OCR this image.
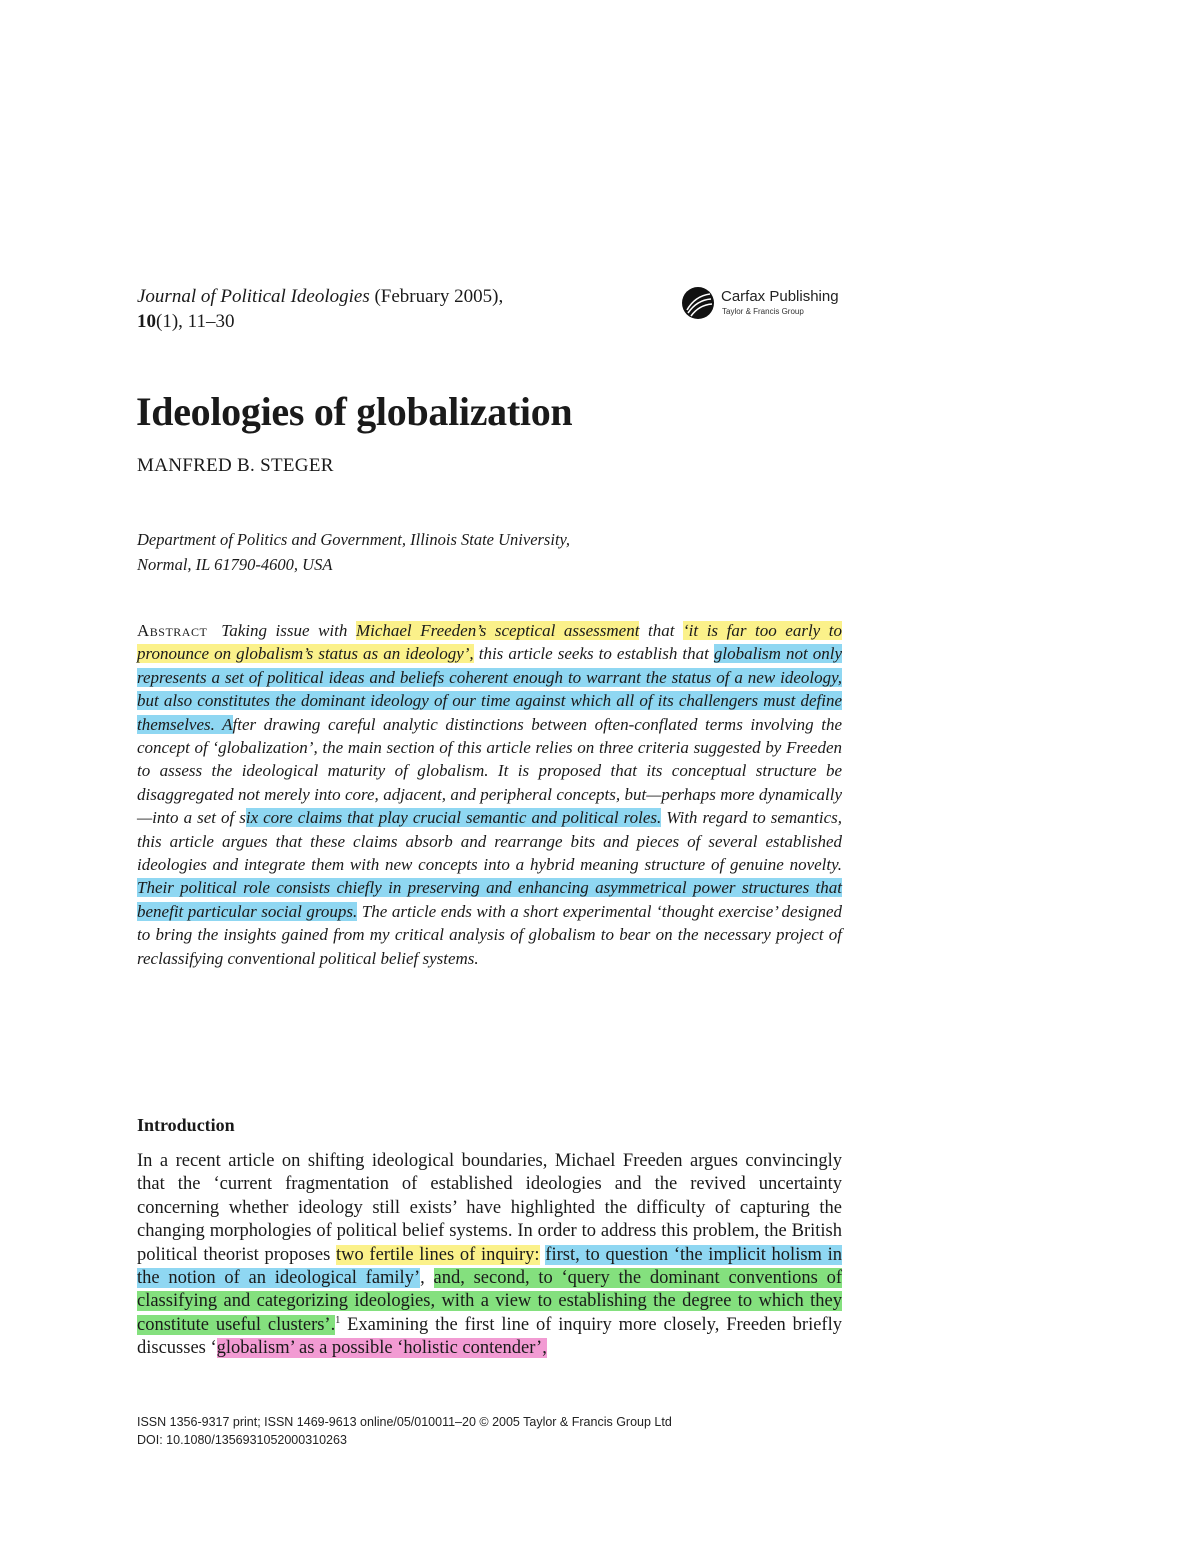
Journal of Political Ideologies (February 2005),
10(1), 11–30
Carfax Publishing
Taylor & Francis Group
Ideologies of globalization
MANFRED B. STEGER
Department of Politics and Government, Illinois State University,
Normal, IL 61790-4600, USA
Abstract Taking issue with Michael Freeden’s sceptical assessment that ‘it is far too early to pronounce on globalism’s status as an ideology’, this article seeks to establish that globalism not only represents a set of political ideas and beliefs coherent enough to warrant the status of a new ideology, but also constitutes the dominant ideology of our time against which all of its challengers must define themselves. After drawing careful analytic distinctions between often-conflated terms involving the concept of ‘globalization’, the main section of this article relies on three criteria suggested by Freeden to assess the ideological maturity of globalism. It is proposed that its conceptual structure be disaggregated not merely into core, adjacent, and peripheral concepts, but—perhaps more dynamically—into a set of six core claims that play crucial semantic and political roles. With regard to semantics, this article argues that these claims absorb and rearrange bits and pieces of several established ideologies and integrate them with new concepts into a hybrid meaning structure of genuine novelty. Their political role consists chiefly in preserving and enhancing asymmetrical power structures that benefit particular social groups. The article ends with a short experimental ‘thought exercise’ designed to bring the insights gained from my critical analysis of globalism to bear on the necessary project of reclassifying conventional political belief systems.
Introduction
In a recent article on shifting ideological boundaries, Michael Freeden argues convincingly that the ‘current fragmentation of established ideologies and the revived uncertainty concerning whether ideology still exists’ have highlighted the difficulty of capturing the changing morphologies of political belief systems. In order to address this problem, the British political theorist proposes two fertile lines of inquiry: first, to question ‘the implicit holism in the notion of an ideological family’, and, second, to ‘query the dominant conventions of classifying and categorizing ideologies, with a view to establishing the degree to which they constitute useful clusters’.$^1$ Examining the first line of inquiry more closely, Freeden briefly discusses ‘globalism’ as a possible ‘holistic contender’,
ISSN 1356-9317 print; ISSN 1469-9613 online/05/010011–20 © 2005 Taylor & Francis Group Ltd
DOI: 10.1080/1356931052000310263
